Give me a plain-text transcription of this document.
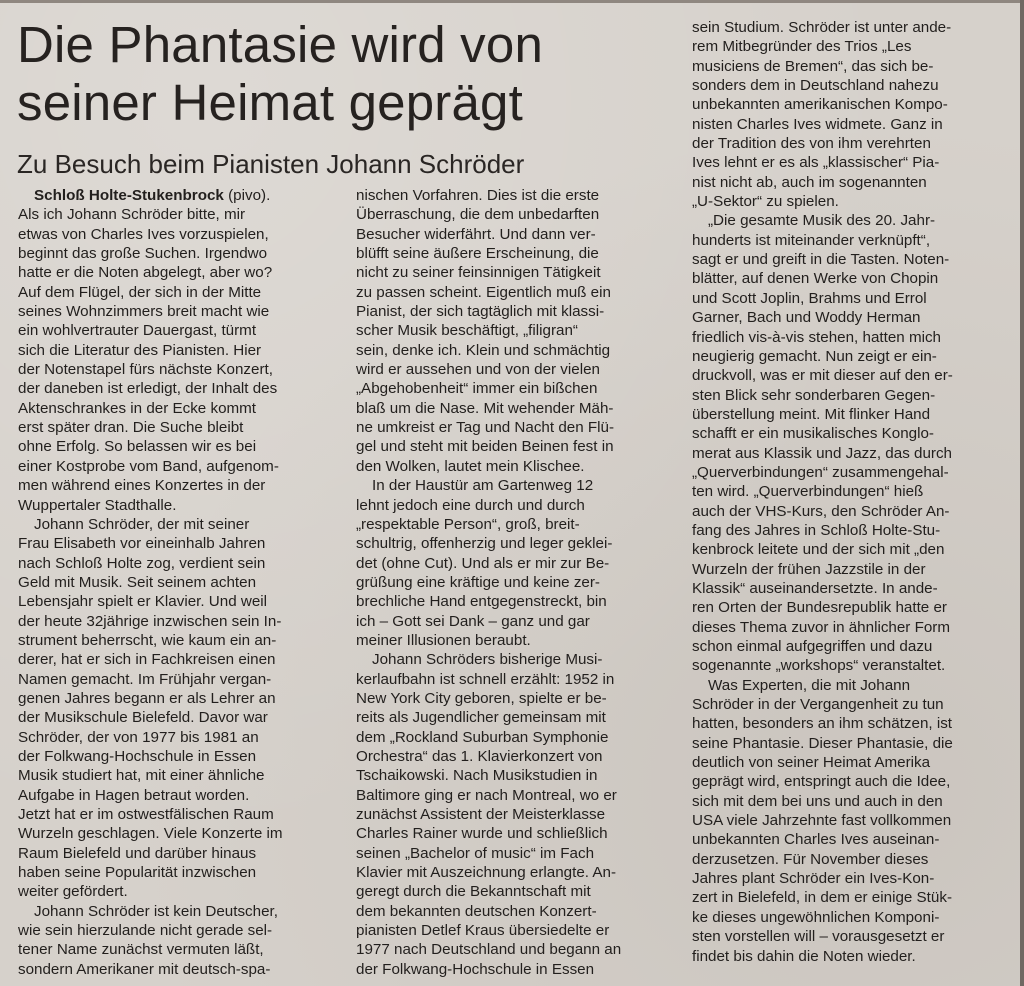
Die Phantasie wird von
seiner Heimat geprägt
Zu Besuch beim Pianisten Johann Schröder

Schloß Holte-Stukenbrock (pivo).
Als ich Johann Schröder bitte, mir
etwas von Charles Ives vorzuspielen,
beginnt das große Suchen. Irgendwo
hatte er die Noten abgelegt, aber wo?
Auf dem Flügel, der sich in der Mitte
seines Wohnzimmers breit macht wie
ein wohlvertrauter Dauergast, türmt
sich die Literatur des Pianisten. Hier
der Notenstapel fürs nächste Konzert,
der daneben ist erledigt, der Inhalt des
Aktenschrankes in der Ecke kommt
erst später dran. Die Suche bleibt
ohne Erfolg. So belassen wir es bei
einer Kostprobe vom Band, aufgenom-
men während eines Konzertes in der
Wuppertaler Stadthalle.

Johann Schröder, der mit seiner
Frau Elisabeth vor eineinhalb Jahren
nach Schloß Holte zog, verdient sein
Geld mit Musik. Seit seinem achten
Lebensjahr spielt er Klavier. Und weil
der heute 32jährige inzwischen sein In-
strument beherrscht, wie kaum ein an-
derer, hat er sich in Fachkreisen einen
Namen gemacht. Im Frühjahr vergan-
genen Jahres begann er als Lehrer an
der Musikschule Bielefeld. Davor war
Schröder, der von 1977 bis 1981 an
der Folkwang-Hochschule in Essen
Musik studiert hat, mit einer ähnliche
Aufgabe in Hagen betraut worden.
Jetzt hat er im ostwestfälischen Raum
Wurzeln geschlagen. Viele Konzerte im
Raum Bielefeld und darüber hinaus
haben seine Popularität inzwischen
weiter gefördert.

Johann Schröder ist kein Deutscher,
wie sein hierzulande nicht gerade sel-
tener Name zunächst vermuten läßt,
sondern Amerikaner mit deutsch-spa-

nischen Vorfahren. Dies ist die erste
Überraschung, die dem unbedarften
Besucher widerfährt. Und dann ver-
blüfft seine äußere Erscheinung, die
nicht zu seiner feinsinnigen Tätigkeit
zu passen scheint. Eigentlich muß ein
Pianist, der sich tagtäglich mit klassi-
scher Musik beschäftigt, „filigran“
sein, denke ich. Klein und schmächtig
wird er aussehen und von der vielen
„Abgehobenheit“ immer ein bißchen
blaß um die Nase. Mit wehender Mäh-
ne umkreist er Tag und Nacht den Flü-
gel und steht mit beiden Beinen fest in
den Wolken, lautet mein Klischee.

In der Haustür am Gartenweg 12
lehnt jedoch eine durch und durch
„respektable Person“, groß, breit-
schultrig, offenherzig und leger geklei-
det (ohne Cut). Und als er mir zur Be-
grüßung eine kräftige und keine zer-
brechliche Hand entgegenstreckt, bin
ich – Gott sei Dank – ganz und gar
meiner Illusionen beraubt.

Johann Schröders bisherige Musi-
kerlaufbahn ist schnell erzählt: 1952 in
New York City geboren, spielte er be-
reits als Jugendlicher gemeinsam mit
dem „Rockland Suburban Symphonie
Orchestra“ das 1. Klavierkonzert von
Tschaikowski. Nach Musikstudien in
Baltimore ging er nach Montreal, wo er
zunächst Assistent der Meisterklasse
Charles Rainer wurde und schließlich
seinen „Bachelor of music“ im Fach
Klavier mit Auszeichnung erlangte. An-
geregt durch die Bekanntschaft mit
dem bekannten deutschen Konzert-
pianisten Detlef Kraus übersiedelte er
1977 nach Deutschland und begann an
der Folkwang-Hochschule in Essen

sein Studium. Schröder ist unter ande-
rem Mitbegründer des Trios „Les
musiciens de Bremen“, das sich be-
sonders dem in Deutschland nahezu
unbekannten amerikanischen Kompo-
nisten Charles Ives widmete. Ganz in
der Tradition des von ihm verehrten
Ives lehnt er es als „klassischer“ Pia-
nist nicht ab, auch im sogenannten
„U-Sektor“ zu spielen.

„Die gesamte Musik des 20. Jahr-
hunderts ist miteinander verknüpft“,
sagt er und greift in die Tasten. Noten-
blätter, auf denen Werke von Chopin
und Scott Joplin, Brahms und Errol
Garner, Bach und Woddy Herman
friedlich vis-à-vis stehen, hatten mich
neugierig gemacht. Nun zeigt er ein-
druckvoll, was er mit dieser auf den er-
sten Blick sehr sonderbaren Gegen-
überstellung meint. Mit flinker Hand
schafft er ein musikalisches Konglo-
merat aus Klassik und Jazz, das durch
„Querverbindungen“ zusammengehal-
ten wird. „Querverbindungen“ hieß
auch der VHS-Kurs, den Schröder An-
fang des Jahres in Schloß Holte-Stu-
kenbrock leitete und der sich mit „den
Wurzeln der frühen Jazzstile in der
Klassik“ auseinandersetzte. In ande-
ren Orten der Bundesrepublik hatte er
dieses Thema zuvor in ähnlicher Form
schon einmal aufgegriffen und dazu
sogenannte „workshops“ veranstaltet.

Was Experten, die mit Johann
Schröder in der Vergangenheit zu tun
hatten, besonders an ihm schätzen, ist
seine Phantasie. Dieser Phantasie, die
deutlich von seiner Heimat Amerika
geprägt wird, entspringt auch die Idee,
sich mit dem bei uns und auch in den
USA viele Jahrzehnte fast vollkommen
unbekannten Charles Ives auseinan-
derzusetzen. Für November dieses
Jahres plant Schröder ein Ives-Kon-
zert in Bielefeld, in dem er einige Stük-
ke dieses ungewöhnlichen Komponi-
sten vorstellen will – vorausgesetzt er
findet bis dahin die Noten wieder.
